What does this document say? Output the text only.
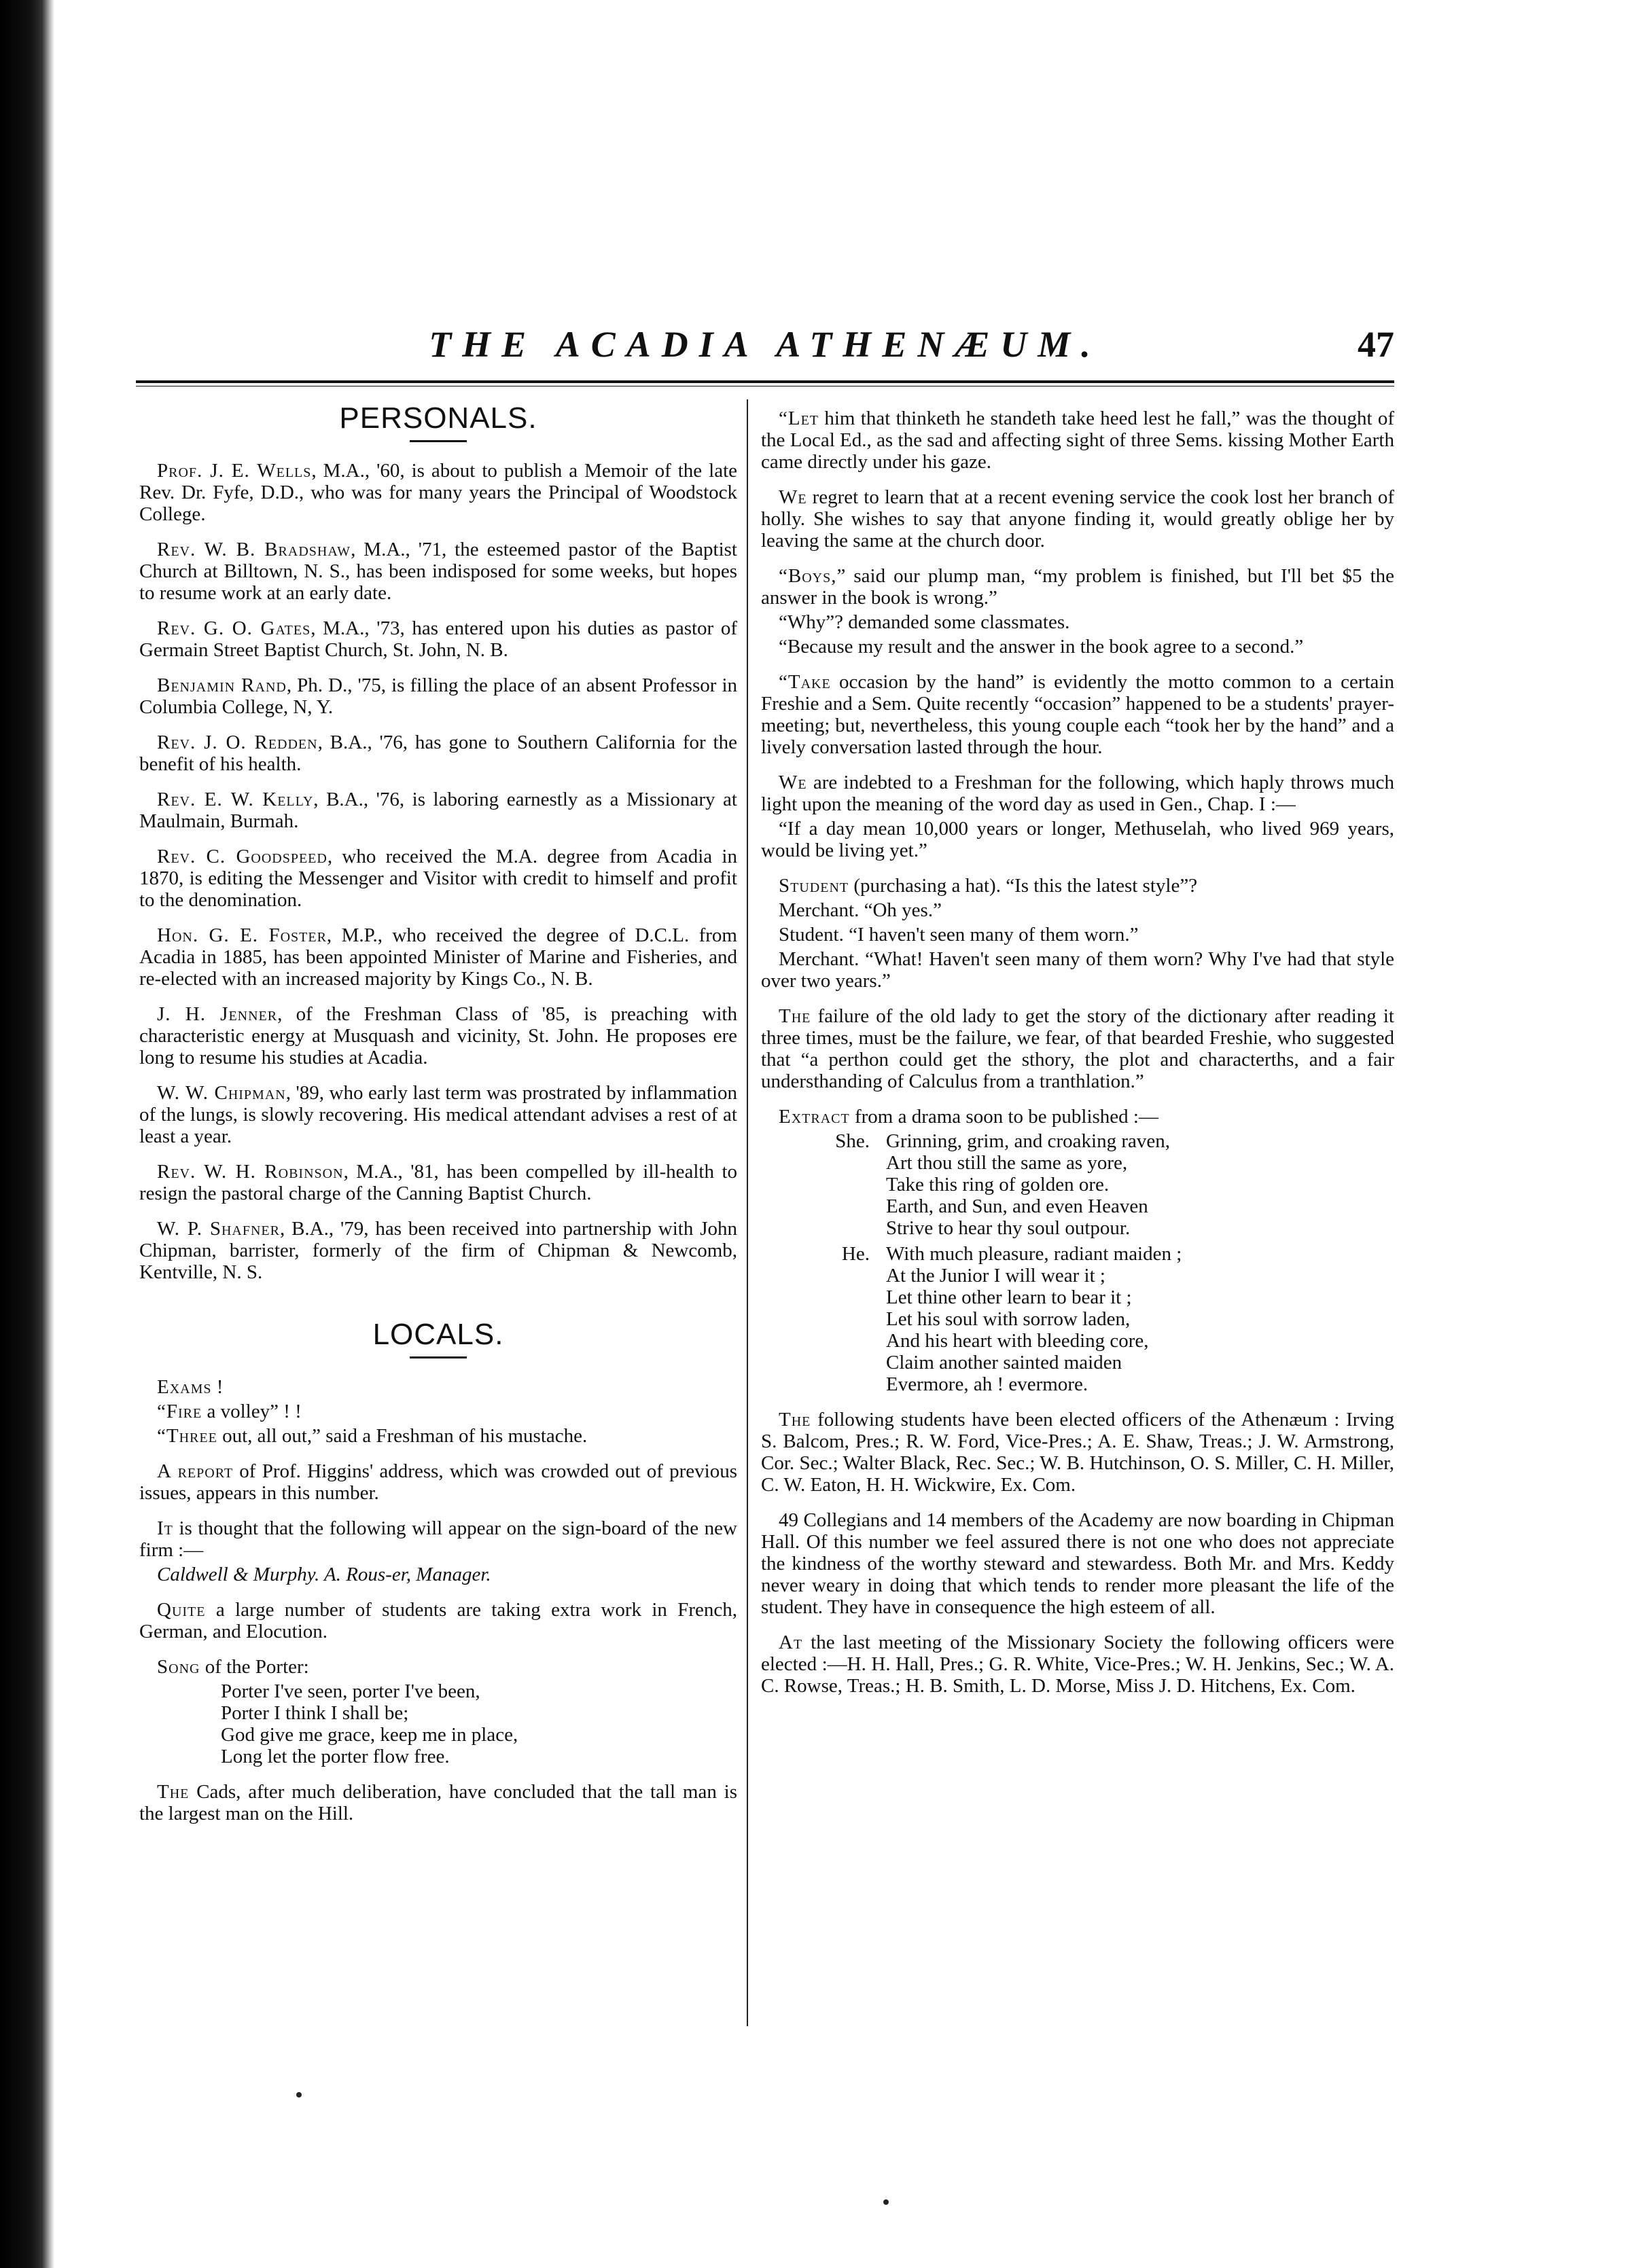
THE ACADIA ATHENÆUM.	47
PERSONALS.

Prof. J. E. Wells, M.A., '60, is about to publish a Memoir of the late Rev. Dr. Fyfe, D.D., who was for many years the Principal of Woodstock College.

Rev. W. B. Bradshaw, M.A., '71, the esteemed pastor of the Baptist Church at Billtown, N. S., has been indisposed for some weeks, but hopes to resume work at an early date.

Rev. G. O. Gates, M.A., '73, has entered upon his duties as pastor of Germain Street Baptist Church, St. John, N. B.

Benjamin Rand, Ph. D., '75, is filling the place of an absent Professor in Columbia College, N, Y.

Rev. J. O. Redden, B.A., '76, has gone to Southern California for the benefit of his health.

Rev. E. W. Kelly, B.A., '76, is laboring earnestly as a Missionary at Maulmain, Burmah.

Rev. C. Goodspeed, who received the M.A. degree from Acadia in 1870, is editing the Messenger and Visitor with credit to himself and profit to the denomination.

Hon. G. E. Foster, M.P., who received the degree of D.C.L. from Acadia in 1885, has been appointed Minister of Marine and Fisheries, and re-elected with an increased majority by Kings Co., N. B.

J. H. Jenner, of the Freshman Class of '85, is preaching with characteristic energy at Musquash and vicinity, St. John. He proposes ere long to resume his studies at Acadia.

W. W. Chipman, '89, who early last term was prostrated by inflammation of the lungs, is slowly recovering. His medical attendant advises a rest of at least a year.

Rev. W. H. Robinson, M.A., '81, has been compelled by ill-health to resign the pastoral charge of the Canning Baptist Church.

W. P. Shafner, B.A., '79, has been received into partnership with John Chipman, barrister, formerly of the firm of Chipman & Newcomb, Kentville, N. S.

LOCALS.

Exams !

“Fire a volley” ! !

“Three out, all out,” said a Freshman of his mustache.

A report of Prof. Higgins' address, which was crowded out of previous issues, appears in this number.

It is thought that the following will appear on the sign-board of the new firm :—

Caldwell & Murphy. A. Rous-er, Manager.

Quite a large number of students are taking extra work in French, German, and Elocution.

Song of the Porter:

Porter I've seen, porter I've been,
Porter I think I shall be;
God give me grace, keep me in place,
Long let the porter flow free.

The Cads, after much deliberation, have concluded that the tall man is the largest man on the Hill.

“Let him that thinketh he standeth take heed lest he fall,” was the thought of the Local Ed., as the sad and affecting sight of three Sems. kissing Mother Earth came directly under his gaze.

We regret to learn that at a recent evening service the cook lost her branch of holly. She wishes to say that anyone finding it, would greatly oblige her by leaving the same at the church door.

“Boys,” said our plump man, “my problem is finished, but I'll bet $5 the answer in the book is wrong.”

“Why”? demanded some classmates.

“Because my result and the answer in the book agree to a second.”

“Take occasion by the hand” is evidently the motto common to a certain Freshie and a Sem. Quite recently “occasion” happened to be a students' prayer-meeting; but, nevertheless, this young couple each “took her by the hand” and a lively conversation lasted through the hour.

We are indebted to a Freshman for the following, which haply throws much light upon the meaning of the word day as used in Gen., Chap. I :—

“If a day mean 10,000 years or longer, Methuselah, who lived 969 years, would be living yet.”

Student (purchasing a hat). “Is this the latest style”?

Merchant. “Oh yes.”

Student. “I haven't seen many of them worn.”

Merchant. “What! Haven't seen many of them worn? Why I've had that style over two years.”

The failure of the old lady to get the story of the dictionary after reading it three times, must be the failure, we fear, of that bearded Freshie, who suggested that “a perthon could get the sthory, the plot and characterths, and a fair understhanding of Calculus from a tranthlation.”

Extract from a drama soon to be published :—

She. Grinning, grim, and croaking raven,
Art thou still the same as yore,
Take this ring of golden ore.
Earth, and Sun, and even Heaven
Strive to hear thy soul outpour.
He. With much pleasure, radiant maiden ;
At the Junior I will wear it ;
Let thine other learn to bear it ;
Let his soul with sorrow laden,
And his heart with bleeding core,
Claim another sainted maiden
Evermore, ah ! evermore.

The following students have been elected officers of the Athenæum : Irving S. Balcom, Pres.; R. W. Ford, Vice-Pres.; A. E. Shaw, Treas.; J. W. Armstrong, Cor. Sec.; Walter Black, Rec. Sec.; W. B. Hutchinson, O. S. Miller, C. H. Miller, C. W. Eaton, H. H. Wickwire, Ex. Com.

49 Collegians and 14 members of the Academy are now boarding in Chipman Hall. Of this number we feel assured there is not one who does not appreciate the kindness of the worthy steward and stewardess. Both Mr. and Mrs. Keddy never weary in doing that which tends to render more pleasant the life of the student. They have in consequence the high esteem of all.

At the last meeting of the Missionary Society the following officers were elected :—H. H. Hall, Pres.; G. R. White, Vice-Pres.; W. H. Jenkins, Sec.; W. A. C. Rowse, Treas.; H. B. Smith, L. D. Morse, Miss J. D. Hitchens, Ex. Com.
